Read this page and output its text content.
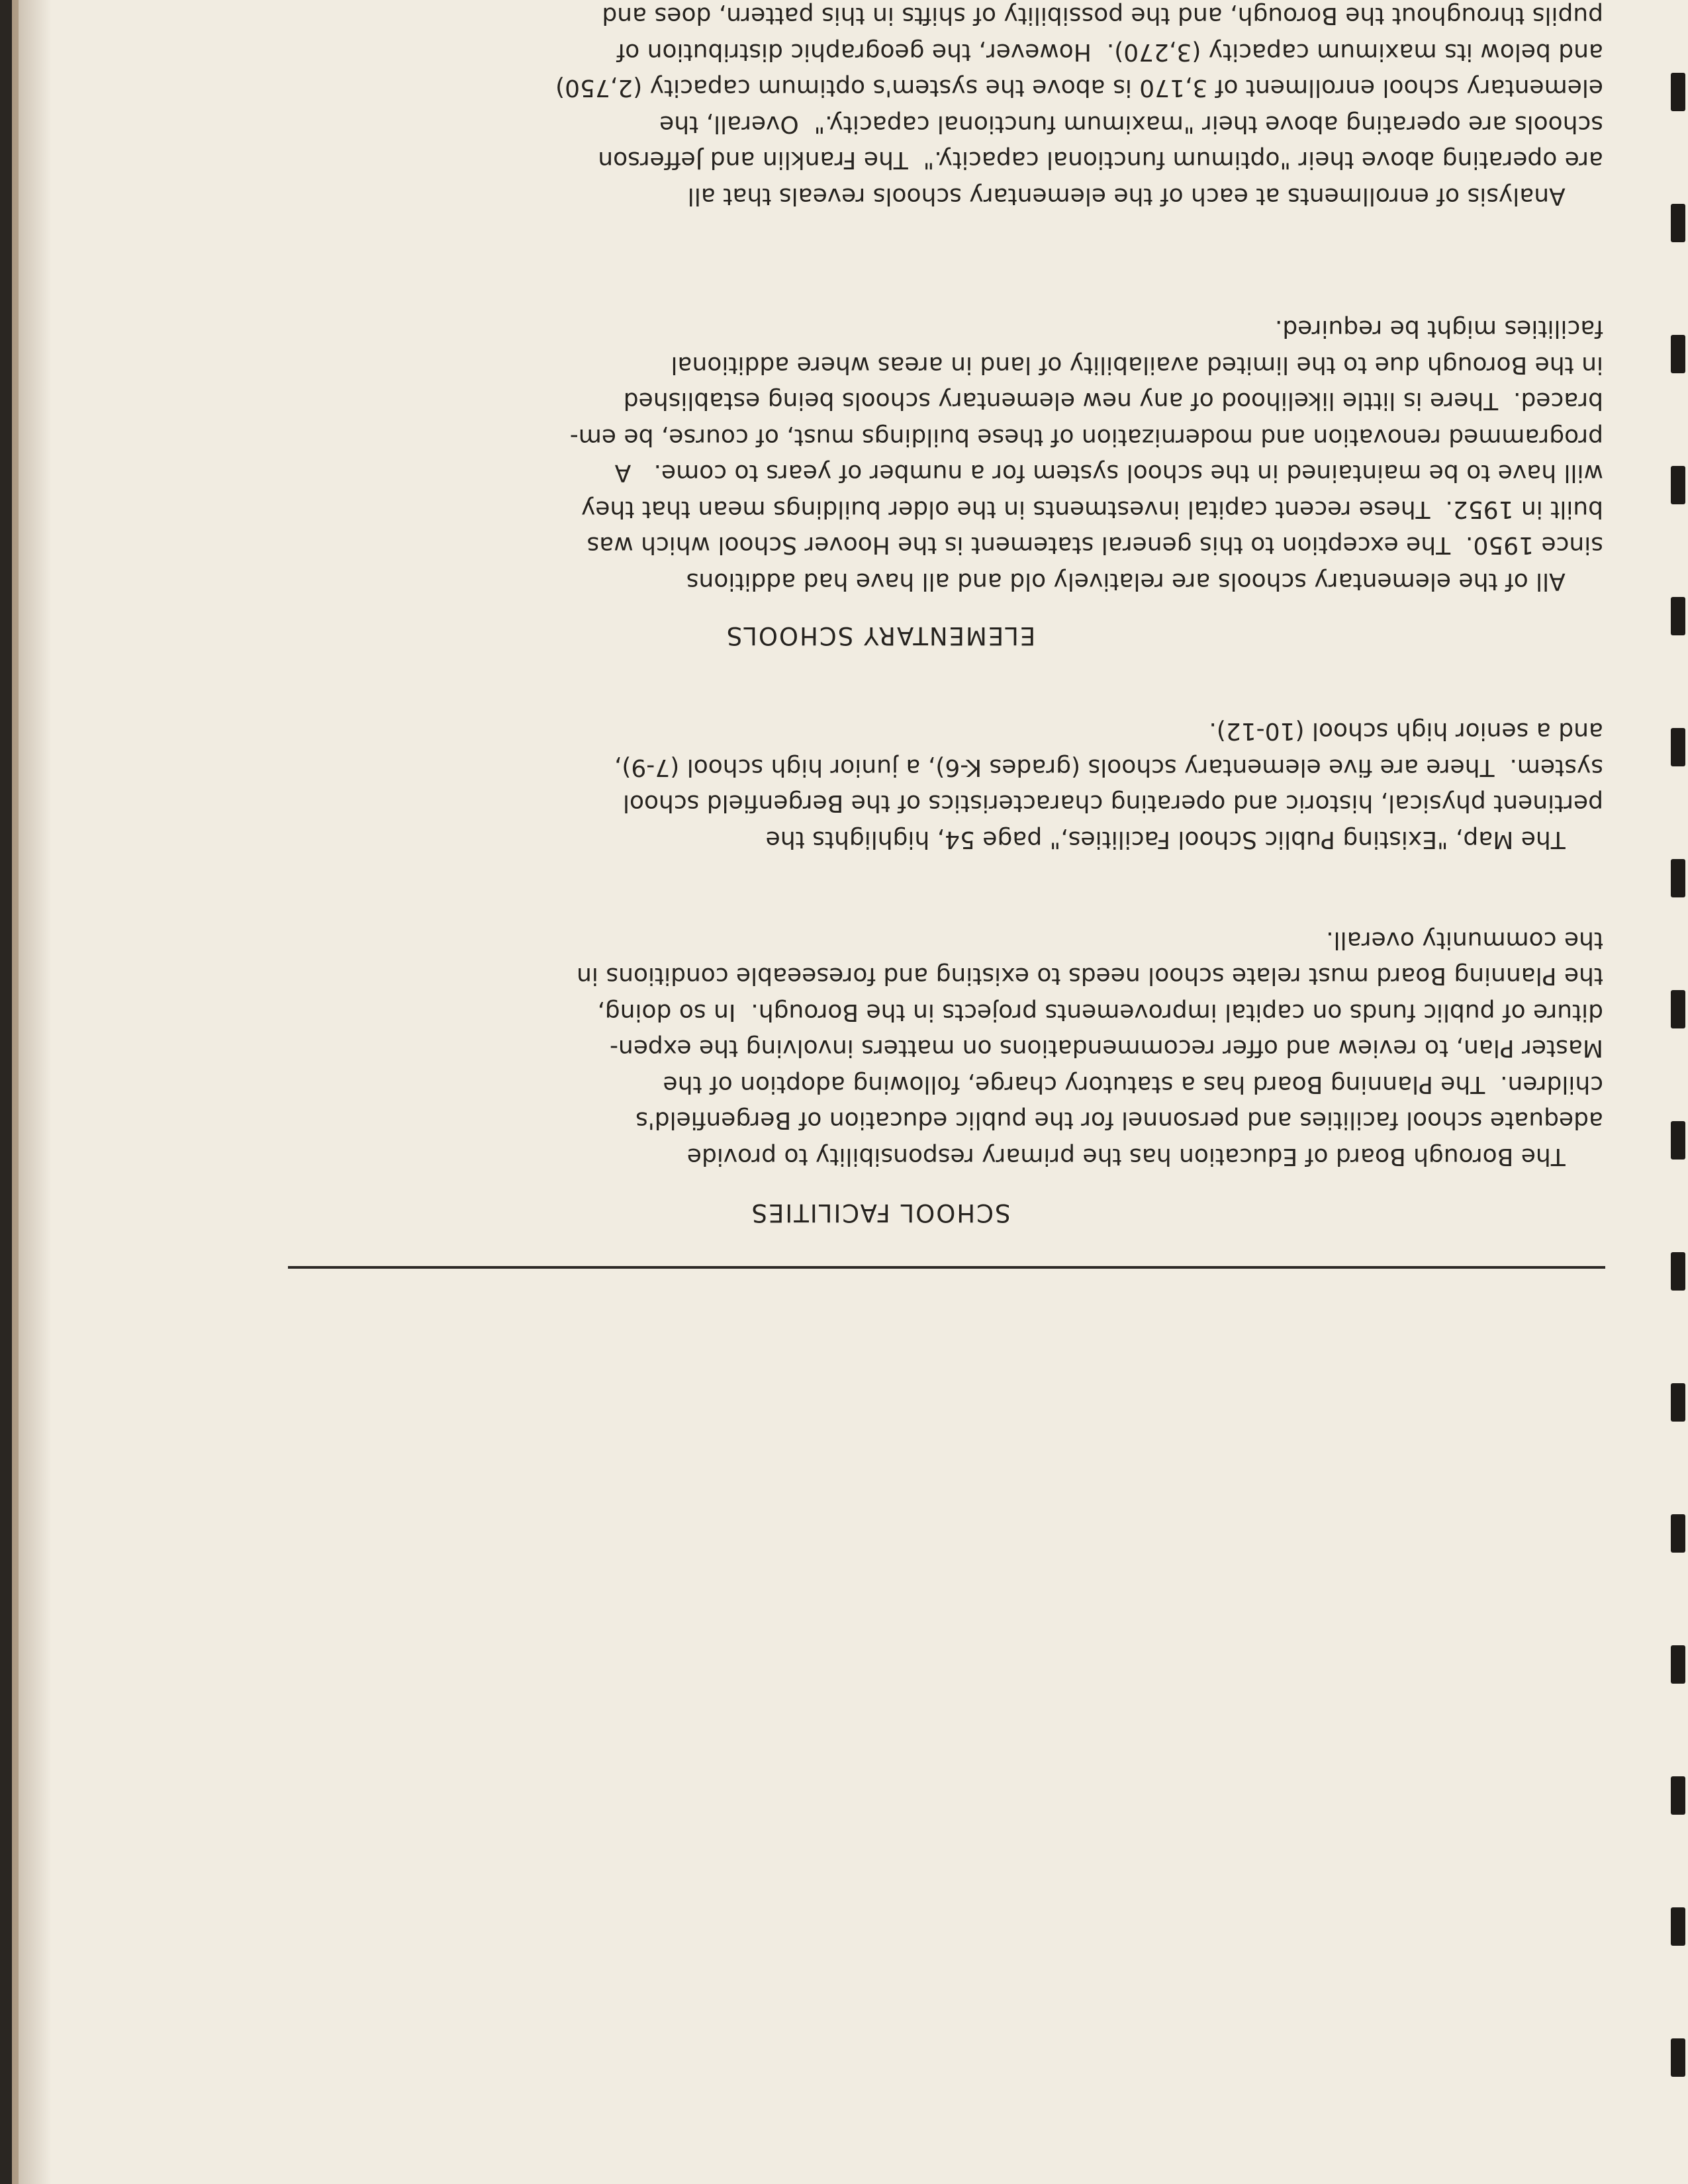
SCHOOL FACILITIES
The Borough Board of Education has the primary responsibility to provide
adequate school facilities and personnel for the public education of Bergenfield's
children.  The Planning Board has a statutory charge, following adoption of the
Master Plan, to review and offer recommendations on matters involving the expen-
diture of public funds on capital improvements projects in the Borough.  In so doing,
the Planning Board must relate school needs to existing and foreseeable conditions in
the community overall.
The Map, "Existing Public School Facilities," page 54, highlights the
pertinent physical, historic and operating characteristics of the Bergenfield school
system.  There are five elementary schools (grades K-6), a junior high school (7-9),
and a senior high school (10-12).
ELEMENTARY SCHOOLS
All of the elementary schools are relatively old and all have had additions
since 1950.  The exception to this general statement is the Hoover School which was
built in 1952.  These recent capital investments in the older buildings mean that they
will have to be maintained in the school system for a number of years to come.   A
programmed renovation and modernization of these buildings must, of course, be em-
braced.  There is little likelihood of any new elementary schools being established
in the Borough due to the limited availability of land in areas where additional
facilities might be required.
Analysis of enrollments at each of the elementary schools reveals that all
are operating above their "optimum functional capacity."  The Franklin and Jefferson
schools are operating above their "maximum functional capacity."  Overall, the
elementary school enrollment of 3,170 is above the system's optimum capacity (2,750)
and below its maximum capacity (3,270).  However, the geographic distribution of
pupils throughout the Borough, and the possibility of shifts in this pattern, does and
